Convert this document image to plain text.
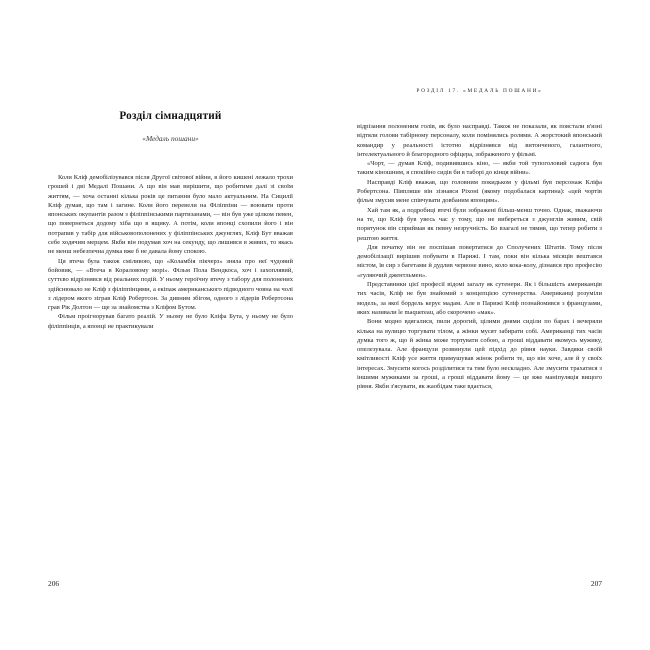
Розділ сімнадцятий
«Медаль пошани»

Коли Кліф демобілізувався після Другої світової війни, в його кишені лежало трохи грошей і дві Медалі Пошани. А що він мав вирішити, що робитиме далі зі своїм життям, — хоча останні кілька років це питання було мало актуальним. На Сицилії Кліф думав, що там і загине. Коли його перевели на Філіппіни — воювати проти японських окупантів разом з філіппінськими партизанами, — він був уже цілком певен, що повернеться додому хіба що в ящику. А потім, коли японці схопили його і він потрапив у табір для військовополонених у філіппінських джунглях, Кліф Бут вважав себе ходячим мерцем. Якби він подумав хоч на секунду, що лишився в живих, то якась не менш небезпечна думка вже б не давала йому спокою.

Ця втеча була також сміливою, що «Коламбія пікчерз» зняла про неї чудовий бойовик, — «Втеча в Кораловому морі». Фільм Пола Вендкоса, хоч і захоплявий, суттєво відрізнявся від реальних подій. У ньому героїчну втечу з табору для полонених здійснювало не Кліф з філіппінцями, а екіпаж американського підводного човна на чолі з лідером якого зіграв Кліф Робертсон. За дивним збігом, одного з лідерів Робертсона грав Рік Долтон — ще за знайомства з Кліфом Бутом.

Фільм проігнорував багато реалій. У ньому не було Кліфа Бута, у ньому не було філіппінців, а японці не практикували

206
РОЗДІЛ 17. «МЕДАЛЬ ПОШАНИ»

відрізання полоненим голів, як було насправді. Також не показали, як повстали в'язні відтяли голови табірному персоналу, коли помінялись ролями. А жорстокий японський командир у реальності істотно відрізнявся від витонченого, галантного, інтелектуального й благородного офіцера, зображеного у фільмі.

«Чорт, — думав Кліф, подивившись кіно, — якби той тупоголовий садюга був таким кіношним, я спокійно сидів би в таборі до кінця війни».

Насправді Кліф вважав, що головним покидьком у фільмі був персонаж Кліфа Робертсона. Півпляше він зізнався Ріхоні (якому подобалася картина): «цей чортів фільм змусив мене співчувати довбаним японцям».

Хай там як, а подробиці втечі були зображені більш-менш точно. Однак, зважаючи на те, що Кліф був увесь час у тому, що не вибереться з джунглів живим, свій порятунок він сприймав як певну незручність. Бо взагалі не тямив, що тепер робити з рештою життя.

Для початку він не поспішав повертатися до Сполучених Штатів. Тому після демобілізації вирішив побувати в Парижі. І там, поки він кілька місяців вештався містом, їв сир з багетами й дудлив червоне вино, коло кока-колу, дізнався про професію «гуляючий джентльмен».

Представники цієї професії відомі загалу як сутенери. Як і більшість американців тих часів, Кліф не був знайомий з концепцією сутенерства. Американці розуміли модель, за якої бордель керує мадам. Але в Парижі Кліф познайомився з французами, яких називали le maquereau, або скорочено «мак».

Вони модно вдягалися, пили дорогий, цілими днями сиділи по барах і вечеряли кілька на вулицю торгувати тілом, а жінки мусят забирати собі. Американці тих часів думка того ж, що й жінка може тортувати собою, а гроші віддавати якомусь мужику, опелезувала. Але французи розвинули цей підхід до рівня науки. Завдяки своїй кмітливості Кліф усе життя примушував жінок робити те, що він хоче, але й у своїх інтересах. Змусити когось розділитися та тим було нескладно. Але змусити трахатися з іншими мужиками за гроші, а гроші віддавати йому — це вже маніпуляція вищого рівня. Якби з'ясувати, як жаобідам таке вдається,

207
